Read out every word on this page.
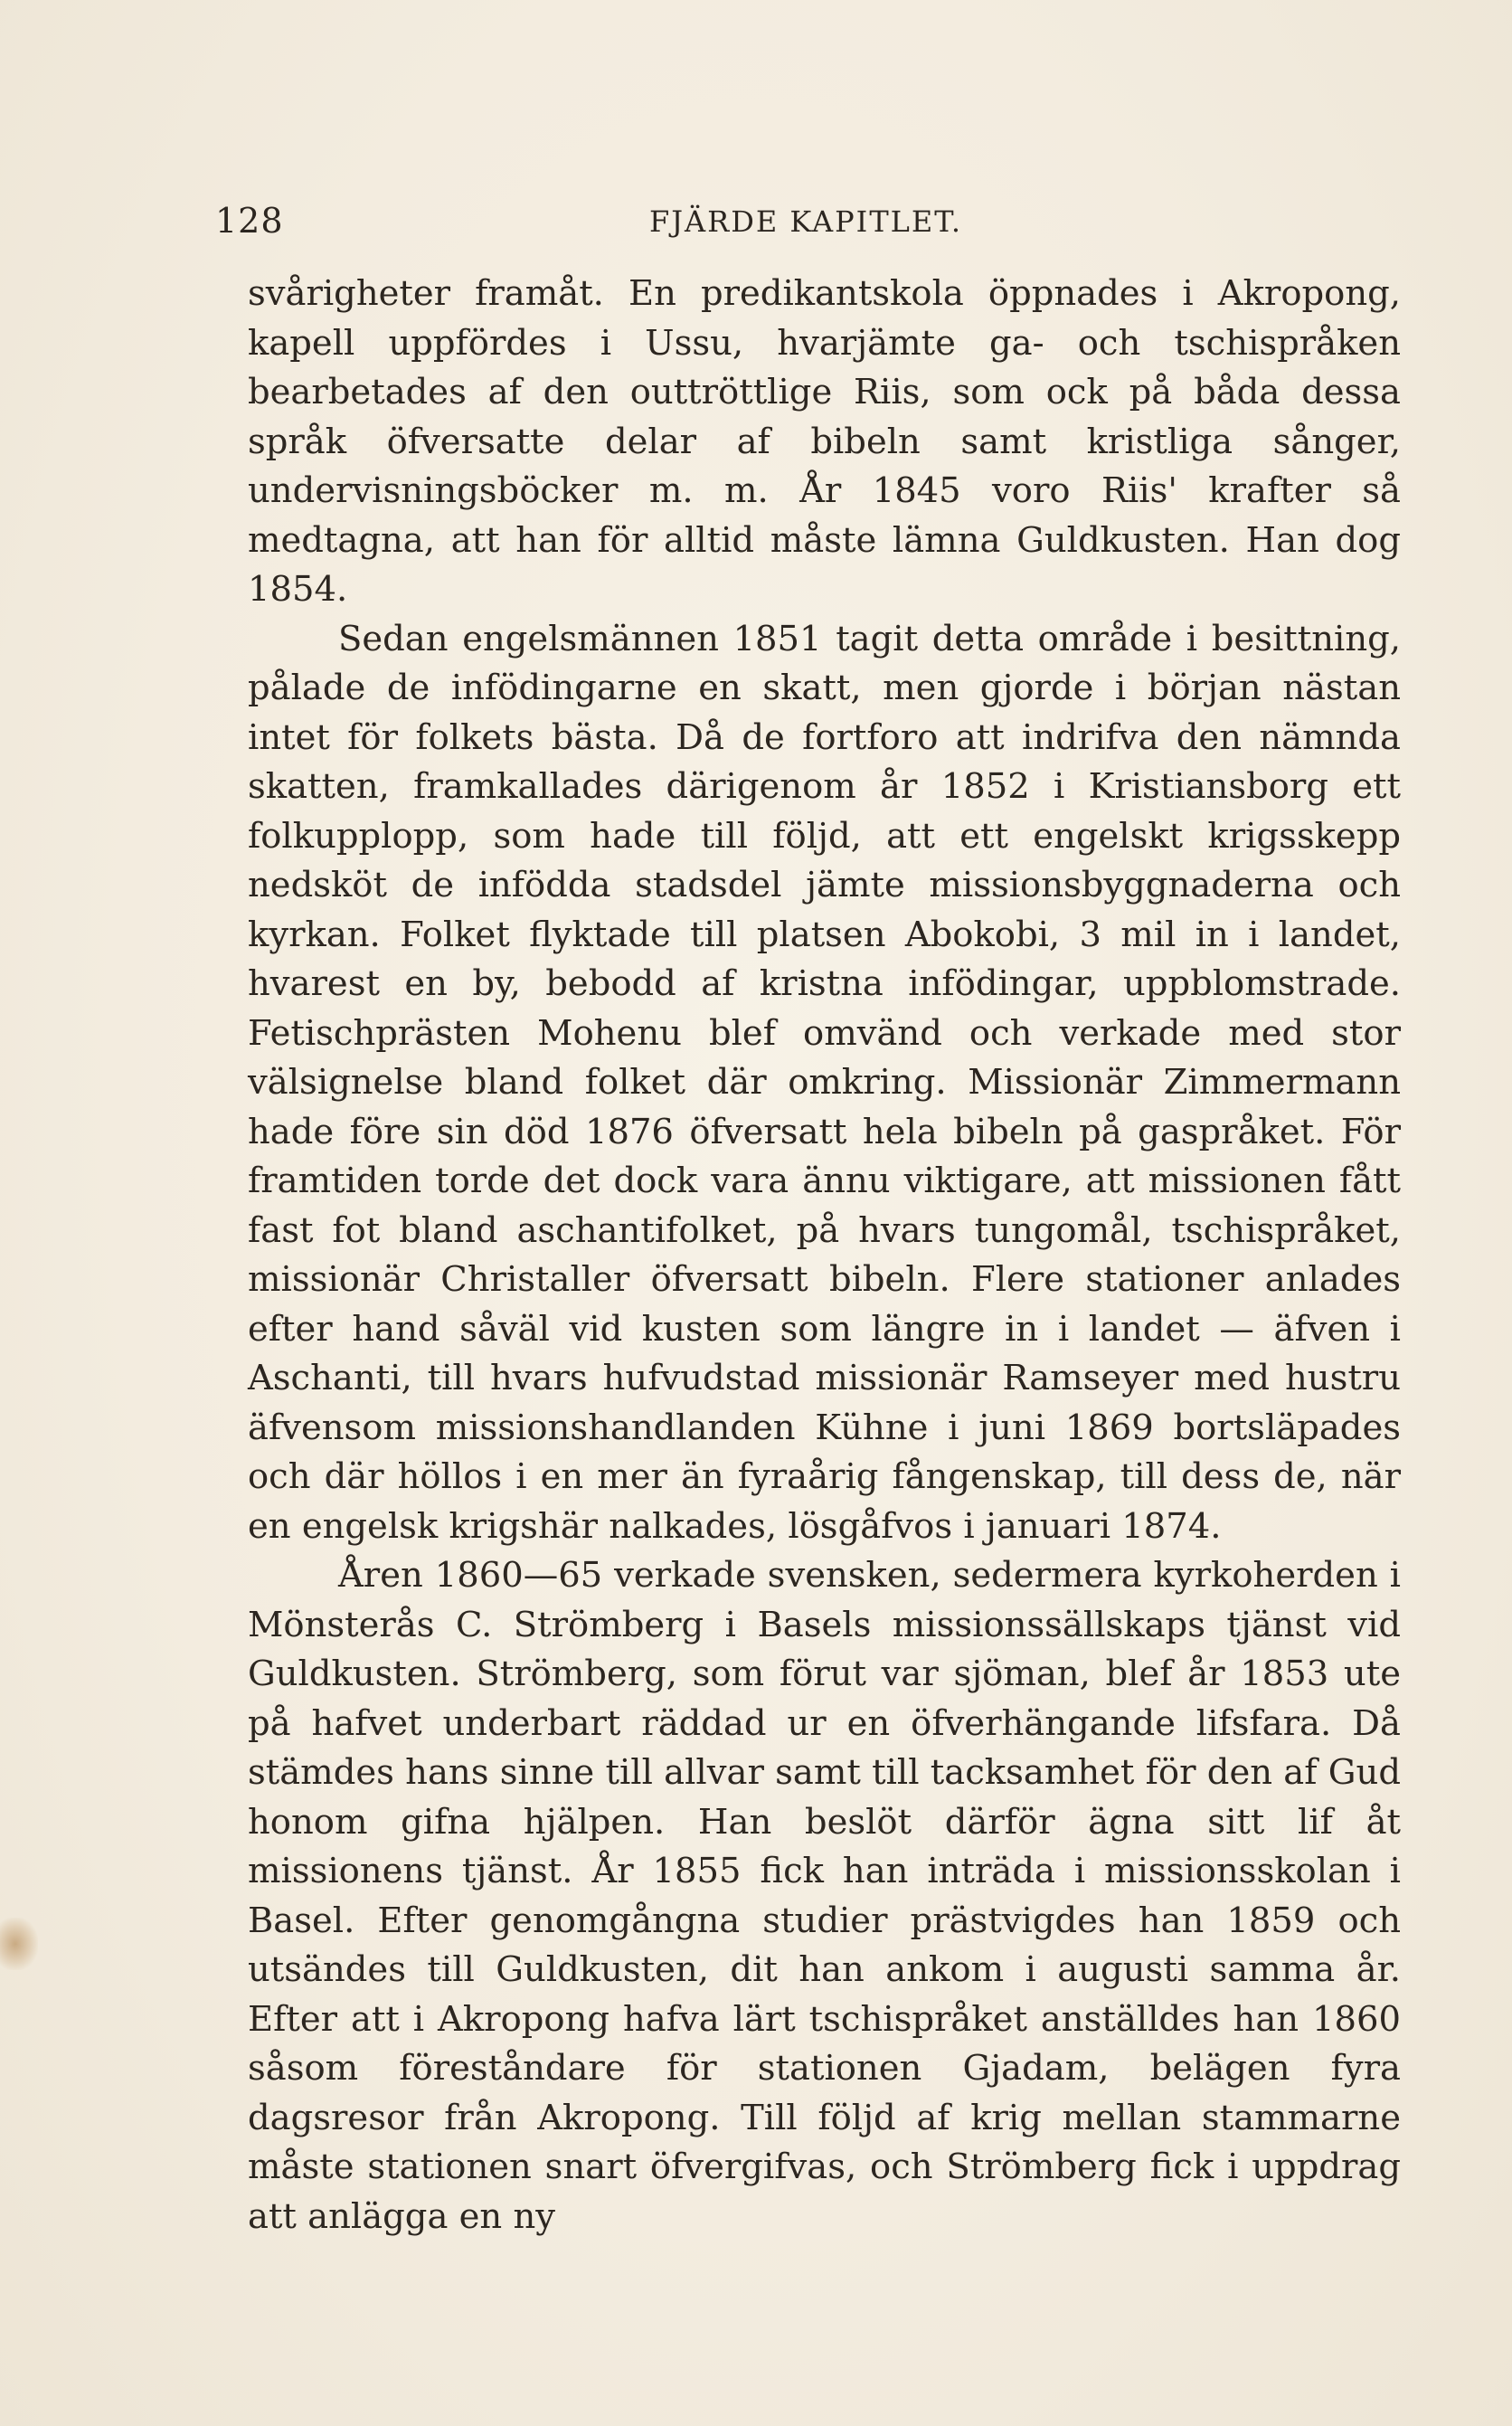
128	FJÄRDE KAPITLET.

svårigheter framåt. En predikantskola öppnades i Akropong, kapell uppfördes i Ussu, hvarjämte ga- och tschispråken bearbetades af den outtröttlige Riis, som ock på båda dessa språk öfversatte delar af bibeln samt kristliga sånger, undervisningsböcker m. m. År 1845 voro Riis' krafter så medtagna, att han för alltid måste lämna Guldkusten. Han dog 1854.

Sedan engelsmännen 1851 tagit detta område i besittning, pålade de infödingarne en skatt, men gjorde i början nästan intet för folkets bästa. Då de fortforo att indrifva den nämnda skatten, framkallades därigenom år 1852 i Kristiansborg ett folkupplopp, som hade till följd, att ett engelskt krigsskepp nedsköt de infödda stadsdel jämte missionsbyggnaderna och kyrkan. Folket flyktade till platsen Abokobi, 3 mil in i landet, hvarest en by, bebodd af kristna infödingar, uppblomstrade. Fetischprästen Mohenu blef omvänd och verkade med stor välsignelse bland folket där omkring. Missionär Zimmermann hade före sin död 1876 öfversatt hela bibeln på gaspråket. För framtiden torde det dock vara ännu viktigare, att missionen fått fast fot bland aschantifolket, på hvars tungomål, tschispråket, missionär Christaller öfversatt bibeln. Flere stationer anlades efter hand såväl vid kusten som längre in i landet — äfven i Aschanti, till hvars hufvudstad missionär Ramseyer med hustru äfvensom missionshandlanden Kühne i juni 1869 bortsläpades och där höllos i en mer än fyraårig fångenskap, till dess de, när en engelsk krigshär nalkades, lösgåfvos i januari 1874.

Åren 1860—65 verkade svensken, sedermera kyrkoherden i Mönsterås C. Strömberg i Basels missionssällskaps tjänst vid Guldkusten. Strömberg, som förut var sjöman, blef år 1853 ute på hafvet underbart räddad ur en öfverhängande lifsfara. Då stämdes hans sinne till allvar samt till tacksamhet för den af Gud honom gifna hjälpen. Han beslöt därför ägna sitt lif åt missionens tjänst. År 1855 fick han inträda i missionsskolan i Basel. Efter genomgångna studier prästvigdes han 1859 och utsändes till Guldkusten, dit han ankom i augusti samma år. Efter att i Akropong hafva lärt tschispråket anställdes han 1860 såsom föreståndare för stationen Gjadam, belägen fyra dagsresor från Akropong. Till följd af krig mellan stammarne måste stationen snart öfvergifvas, och Strömberg fick i uppdrag att anlägga en ny
